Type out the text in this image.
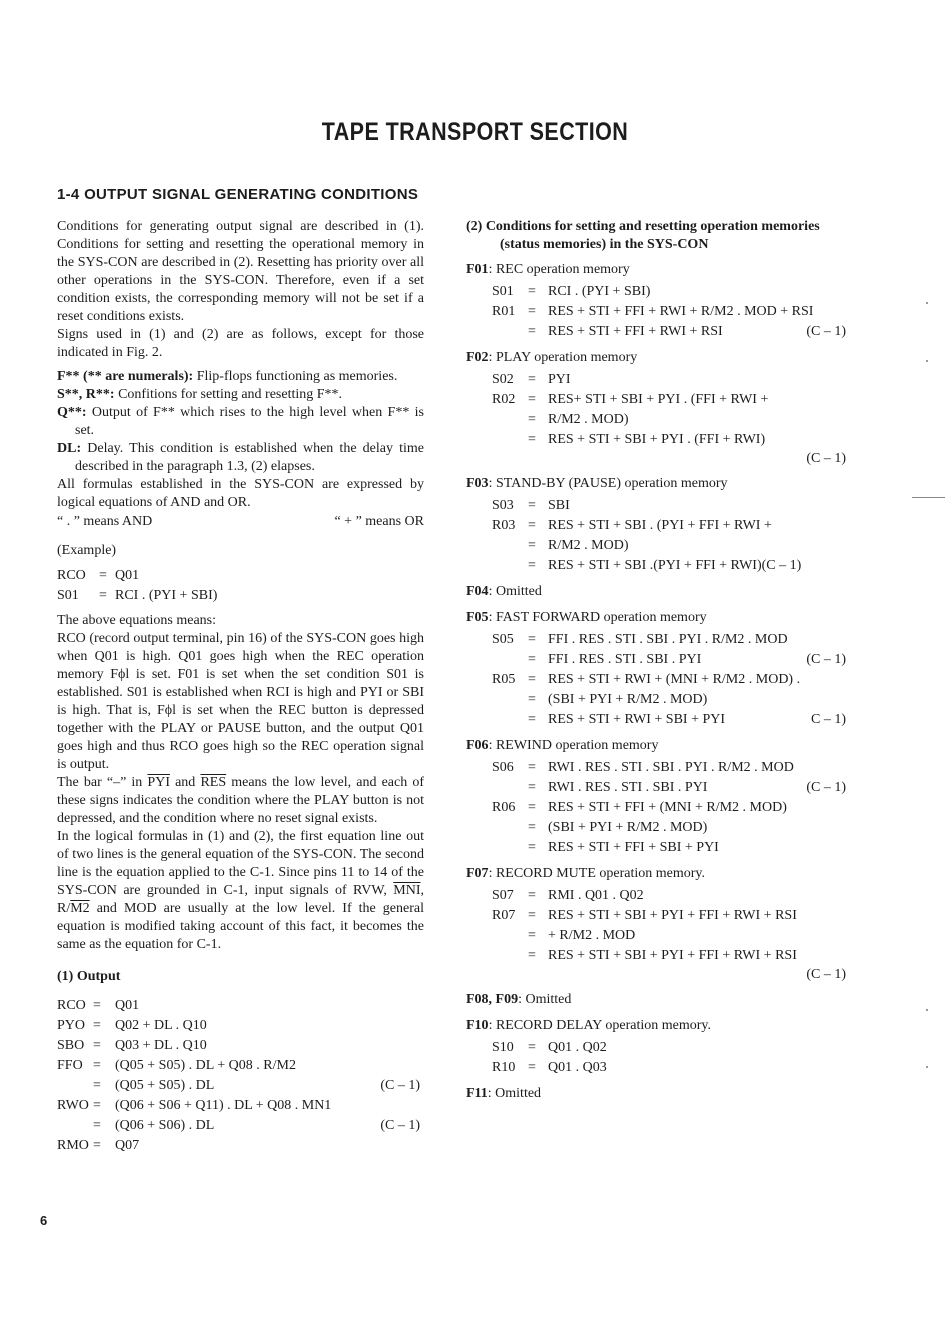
TAPE TRANSPORT SECTION
1-4 OUTPUT SIGNAL GENERATING CONDITIONS

Conditions for generating output signal are described in (1). Conditions for setting and resetting the operational memory in the SYS-CON are described in (2). Resetting has priority over all other operations in the SYS-CON. Therefore, even if a set condition exists, the corresponding memory will not be set if a reset conditions exists.

Signs used in (1) and (2) are as follows, except for those indicated in Fig. 2.

F** (** are numerals): Flip-flops functioning as memories.

S**, R**: Confitions for setting and resetting F**.

Q**: Output of F** which rises to the high level when F** is set.

DL: Delay. This condition is established when the delay time described in the paragraph 1.3, (2) elapses.

All formulas established in the SYS-CON are expressed by logical equations of AND and OR.

“ . ” means AND	“ + ” means OR

(Example)

RCO = Q01
S01 = RCI . (PYI + SBI)

The above equations means:

RCO (record output terminal, pin 16) of the SYS-CON goes high when Q01 is high. Q01 goes high when the REC operation memory Fϕl is set. F01 is set when the set condition S01 is established. S01 is established when RCI is high and PYI or SBI is high. That is, Fϕl is set when the REC button is depressed together with the PLAY or PAUSE button, and the output Q01 goes high and thus RCO goes high so the REC operation signal is output.

The bar “–” in $\overline{PYI}$ and $\overline{RES}$ means the low level, and each of these signs indicates the condition where the PLAY button is not depressed, and the condition where no reset signal exists.

In the logical formulas in (1) and (2), the first equation line out of two lines is the general equation of the SYS-CON. The second line is the equation applied to the C-1. Since pins 11 to 14 of the SYS-CON are grounded in C-1, input signals of RVW, $\overline{MNI}$, R/M2 and MOD are usually at the low level. If the general equation is modified taking account of this fact, it becomes the same as the equation for C-1.

(1) Output

RCO = Q01
PYO = Q02 + DL . Q10
SBO = Q03 + DL . Q10
FFO = (Q05 + S05) . DL + Q08 . R/M2
= (Q05 + S05) . DL	(C – 1)
RWO = (Q06 + S06 + Q11) . DL + Q08 . MN1
= (Q06 + S06) . DL	(C – 1)
RMO = Q07

(2) Conditions for setting and resetting operation memories (status memories) in the SYS-CON

F01: REC operation memory
S01 = RCI . (PYI + SBI)
R01 = RES + STI + FFI + RWI + R/M2 . MOD + RSI
= RES + STI + FFI + RWI + RSI	(C – 1)
F02: PLAY operation memory
S02 = PYI
R02 = RES+ STI + SBI + PYI . (FFI + RWI +
= R/M2 . MOD)
= RES + STI + SBI + PYI . (FFI + RWI)
(C – 1)
F03: STAND-BY (PAUSE) operation memory
S03 = SBI
R03 = RES + STI + SBI . (PYI + FFI + RWI +
= R/M2 . MOD)
= RES + STI + SBI .(PYI + FFI + RWI)(C – 1)
F04: Omitted
F05: FAST FORWARD operation memory
S05 = FFI . RES . STI . SBI . PYI . R/M2 . MOD
= FFI . RES . STI . SBI . PYI	(C – 1)
R05 = RES + STI + RWI + (MNI + R/M2 . MOD) .
= (SBI + PYI + R/M2 . MOD)
= RES + STI + RWI + SBI + PYI	C – 1)
F06: REWIND operation memory
S06 = RWI . RES . STI . SBI . PYI . R/M2 . MOD
= RWI . RES . STI . SBI . PYI	(C – 1)
R06 = RES + STI + FFI + (MNI + R/M2 . MOD)
= (SBI + PYI + R/M2 . MOD)
= RES + STI + FFI + SBI + PYI
F07: RECORD MUTE operation memory.
S07 = RMI . Q01 . Q02
R07 = RES + STI + SBI + PYI + FFI + RWI + RSI
= + R/M2 . MOD
= RES + STI + SBI + PYI + FFI + RWI + RSI
(C – 1)
F08, F09: Omitted
F10: RECORD DELAY operation memory.
S10 = Q01 . Q02
R10 = Q01 . Q03
F11: Omitted
6
